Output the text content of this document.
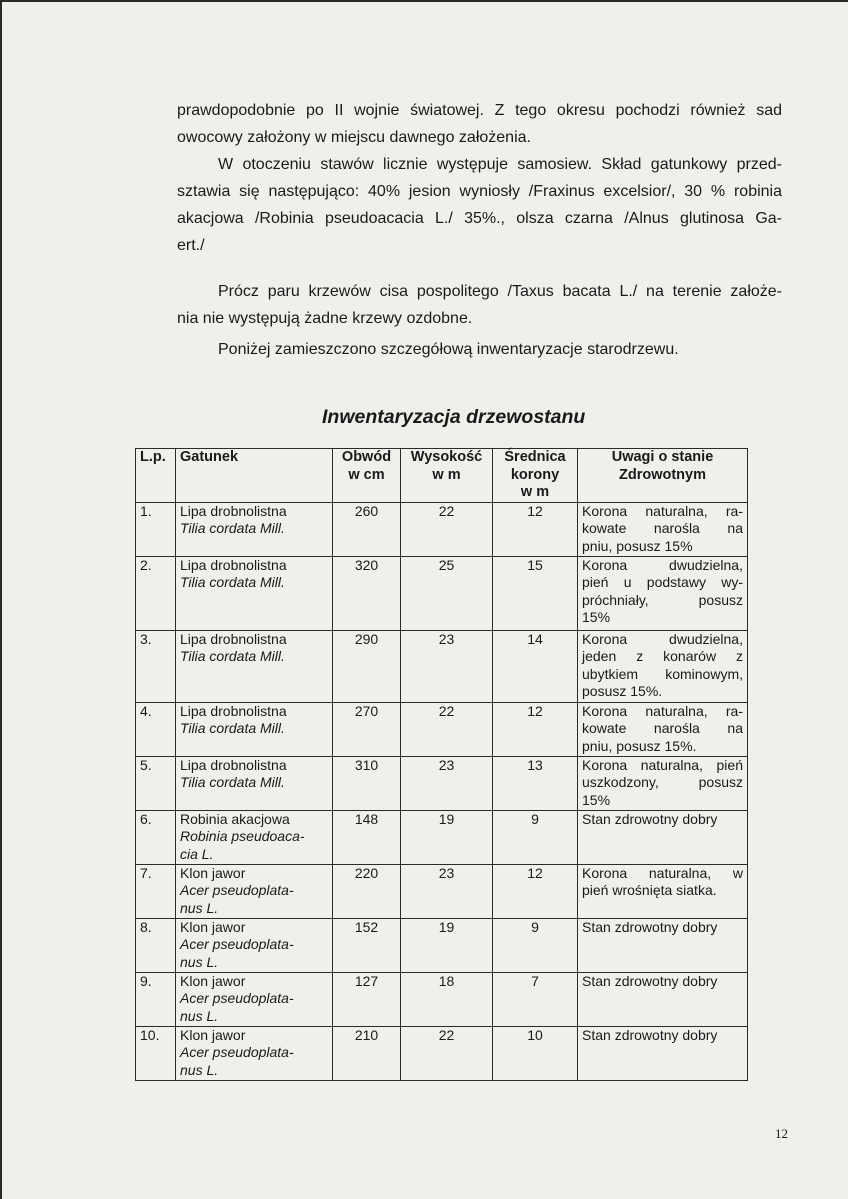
prawdopodobnie po II wojnie światowej. Z tego okresu pochodzi również sad
owocowy założony w miejscu dawnego założenia.

W otoczeniu stawów licznie występuje samosiew. Skład gatunkowy przed-
sztawia się następująco: 40% jesion wyniosły /Fraxinus excelsior/, 30 % robinia
akacjowa /Robinia pseudoacacia L./ 35%., olsza czarna /Alnus glutinosa Ga-
ert./

Prócz paru krzewów cisa pospolitego /Taxus bacata L./ na terenie założe-
nia nie występują żadne krzewy ozdobne.

Poniżej zamieszczono szczegółową inwentaryzacje starodrzewu.

Inwentaryzacja drzewostanu
L.p.	Gatunek	Obwód
w cm	Wysokość
w m	Średnica
korony
w m	Uwagi o stanie
Zdrowotnym

1.	Lipa drobnolistna
Tilia cordata Mill.	260	22	12	Korona naturalna, ra-
kowate narośla na
pniu, posusz 15%

2.	Lipa drobnolistna
Tilia cordata Mill.	320	25	15	Korona dwudzielna,
pień u podstawy wy-
próchniały, posusz
15%

3.	Lipa drobnolistna
Tilia cordata Mill.	290	23	14	Korona dwudzielna,
jeden z konarów z
ubytkiem kominowym,
posusz 15%.

4.	Lipa drobnolistna
Tilia cordata Mill.	270	22	12	Korona naturalna, ra-
kowate narośla na
pniu, posusz 15%.

5.	Lipa drobnolistna
Tilia cordata Mill.	310	23	13	Korona naturalna, pień
uszkodzony, posusz
15%

6.	Robinia akacjowa
Robinia pseudoaca-
cia L.	148	19	9	Stan zdrowotny dobry

7.	Klon jawor
Acer pseudoplata-
nus L.	220	23	12	Korona naturalna, w
pień wrośnięta siatka.

8.	Klon jawor
Acer pseudoplata-
nus L.	152	19	9	Stan zdrowotny dobry

9.	Klon jawor
Acer pseudoplata-
nus L.	127	18	7	Stan zdrowotny dobry

10.	Klon jawor
Acer pseudoplata-
nus L.	210	22	10	Stan zdrowotny dobry

12
